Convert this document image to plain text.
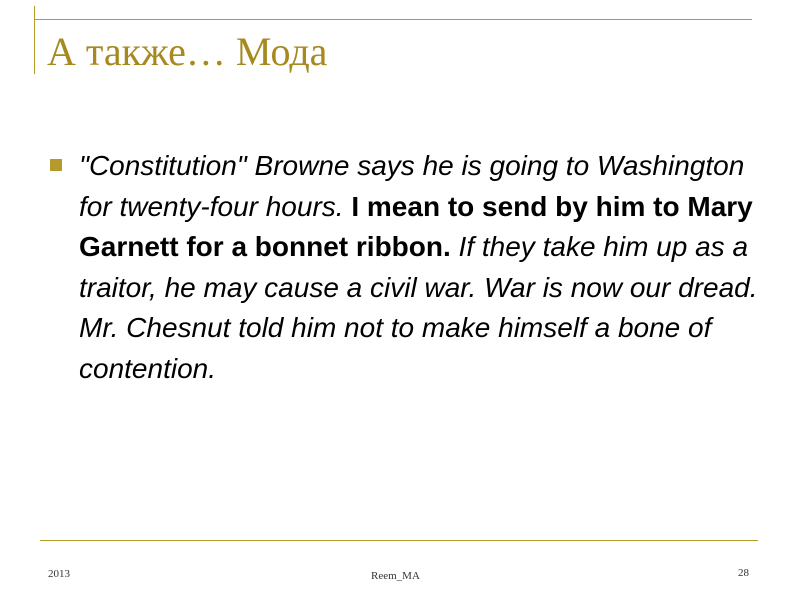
А также… Мода

"Constitution" Browne says he is going to Washington for twenty-four hours. I mean to send by him to Mary Garnett for a bonnet ribbon. If they take him up as a traitor, he may cause a civil war. War is now our dread. Mr. Chesnut told him not to make himself a bone of contention.

2013	Reem_MA	28
